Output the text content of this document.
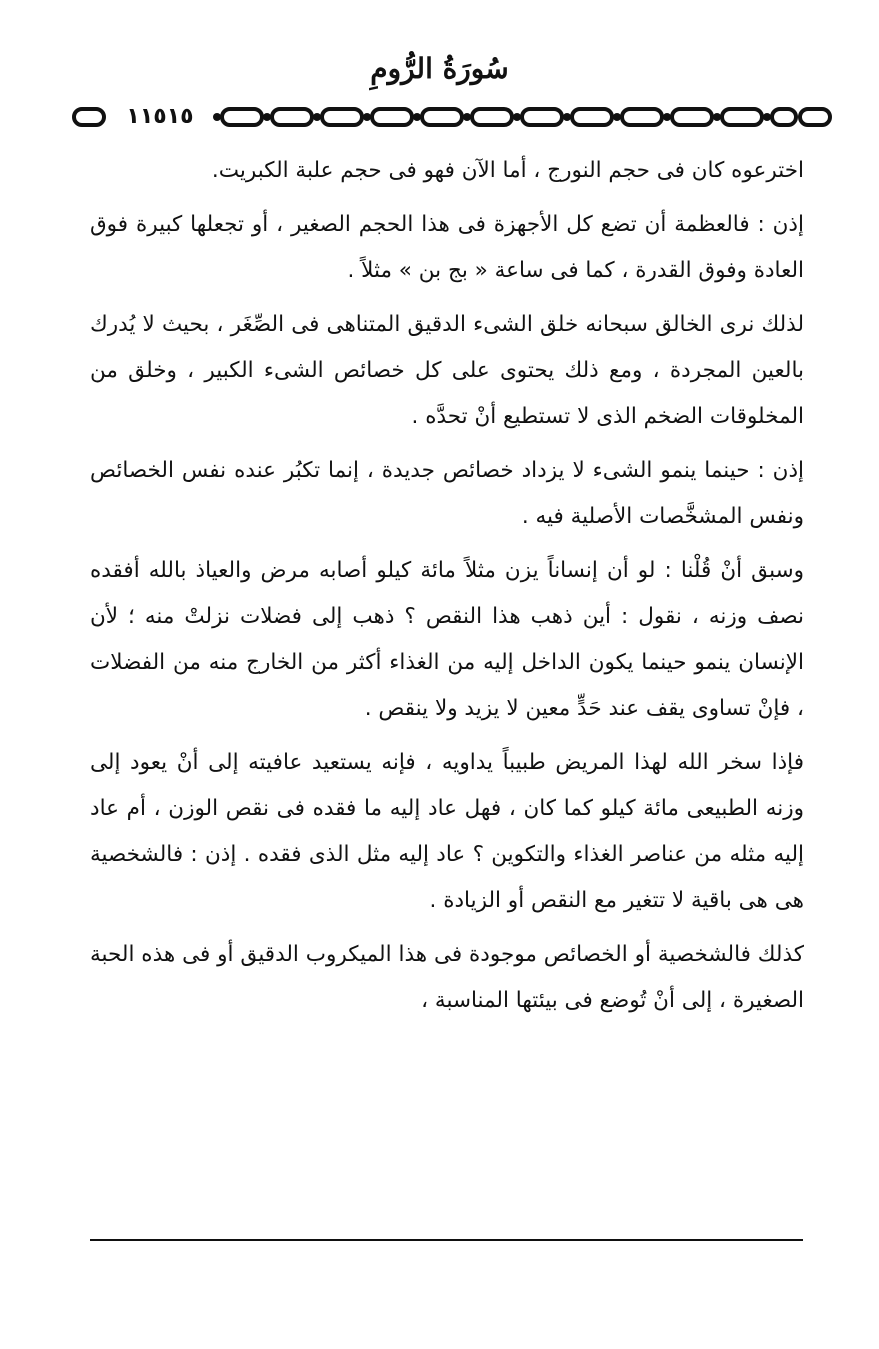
سُورَةُ الرُّومِ
١١٥١٥

اخترعوه كان فى حجم النورج ، أما الآن فهو فى حجم علبة الكبريت.

إذن : فالعظمة أن تضع كل الأجهزة فى هذا الحجم الصغير ، أو تجعلها كبيرة فوق العادة وفوق القدرة ، كما فى ساعة « بج بن » مثلاً .

لذلك نرى الخالق سبحانه خلق الشىء الدقيق المتناهى فى الصِّغَر ، بحيث لا يُدرك بالعين المجردة ، ومع ذلك يحتوى على كل خصائص الشىء الكبير ، وخلق من المخلوقات الضخم الذى لا تستطيع أنْ تحدَّه .

إذن : حينما ينمو الشىء لا يزداد خصائص جديدة ، إنما تكبُر عنده نفس الخصائص ونفس المشخَّصات الأصلية فيه .

وسبق أنْ قُلْنا : لو أن إنساناً يزن مثلاً مائة كيلو أصابه مرض والعياذ بالله أفقده نصف وزنه ، نقول : أين ذهب هذا النقص ؟ ذهب إلى فضلات نزلتْ منه ؛ لأن الإنسان ينمو حينما يكون الداخل إليه من الغذاء أكثر من الخارج منه من الفضلات ، فإنْ تساوى يقف عند حَدٍّ معين لا يزيد ولا ينقص .

فإذا سخر الله لهذا المريض طبيباً يداويه ، فإنه يستعيد عافيته إلى أنْ يعود إلى وزنه الطبيعى مائة كيلو كما كان ، فهل عاد إليه ما فقده فى نقص الوزن ، أم عاد إليه مثله من عناصر الغذاء والتكوين ؟ عاد إليه مثل الذى فقده . إذن : فالشخصية هى هى باقية لا تتغير مع النقص أو الزيادة .

كذلك فالشخصية أو الخصائص موجودة فى هذا الميكروب الدقيق أو فى هذه الحبة الصغيرة ، إلى أنْ تُوضع فى بيئتها المناسبة ،
